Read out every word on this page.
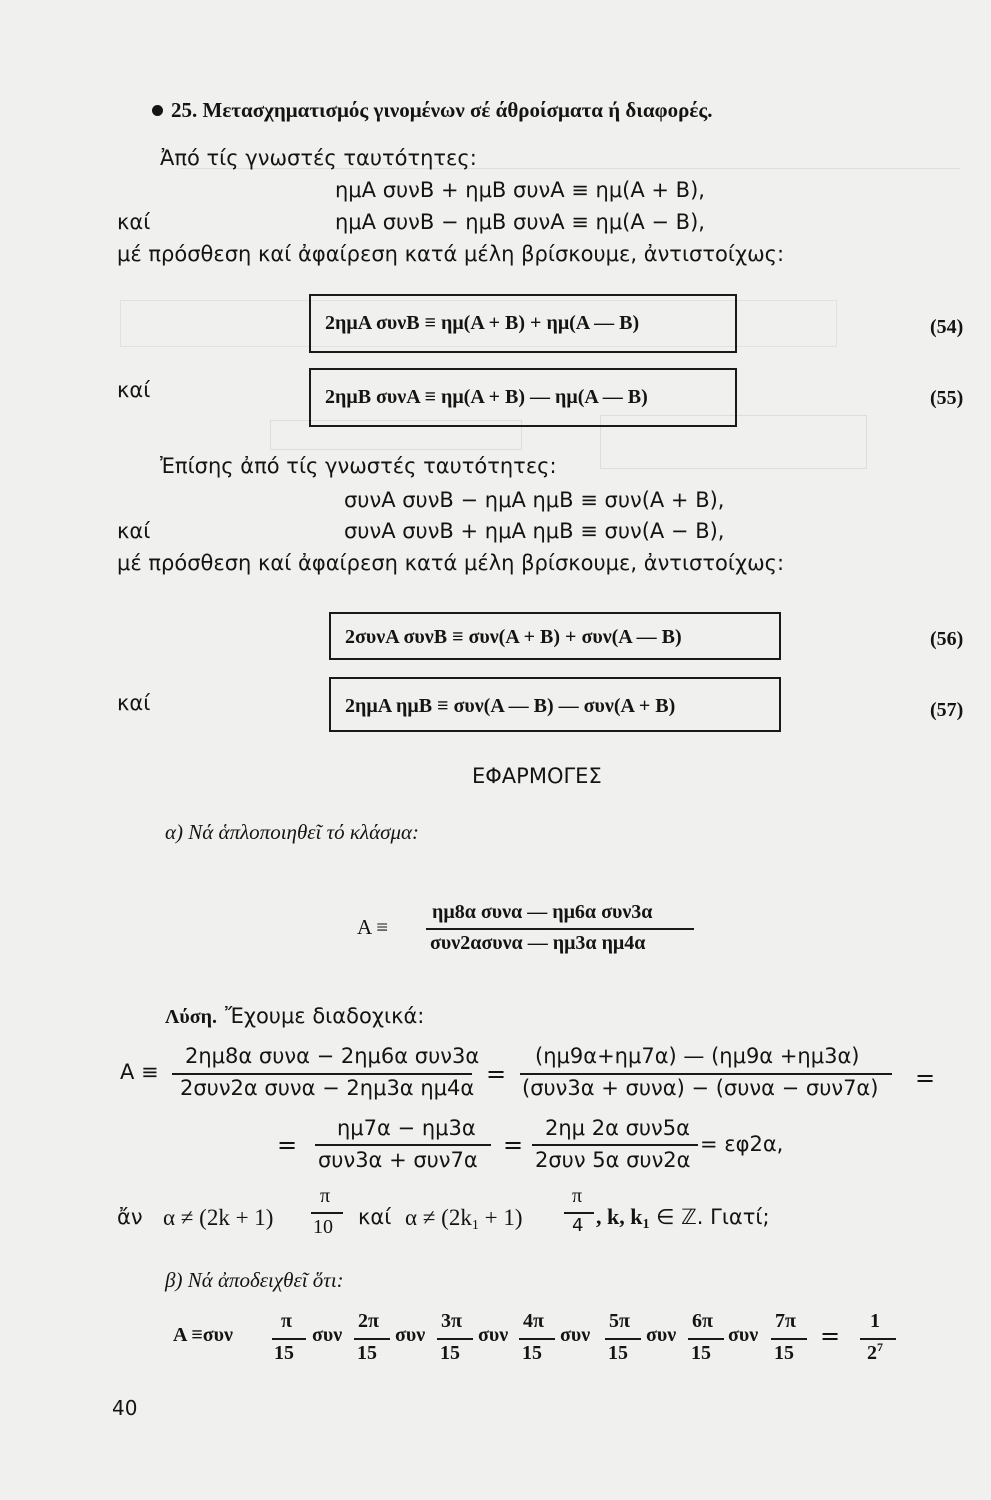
25. Μετασχηματισμός γινομένων σέ άθροίσματα ή διαφορές.
Ἀπό τίς γνωστές ταυτότητες:
ημA συνB + ημB συνA ≡ ημ(A + B),
καί	ημA συνB − ημB συνA ≡ ημ(A − B),
μέ πρόσθεση καί ἀφαίρεση κατά μέλη βρίσκουμε, ἀντιστοίχως:
2ημA συνB ≡ ημ(A + B) + ημ(A — B)	(54)
καί	2ημB συνA ≡ ημ(A + B) — ημ(A — B)	(55)
Ἐπίσης ἀπό τίς γνωστές ταυτότητες:
συνA συνB − ημA ημB ≡ συν(A + B),
καί	συνA συνB + ημA ημB ≡ συν(A − B),
μέ πρόσθεση καί ἀφαίρεση κατά μέλη βρίσκουμε, ἀντιστοίχως:
2συνA συνB ≡ συν(A + B) + συν(A — B)	(56)
καί	2ημA ημB ≡ συν(A — B) — συν(A + B)	(57)
ΕΦΑΡΜΟΓΕΣ
α) Νά ἁπλοποιηθεῖ τό κλάσμα:
A ≡
ημ8α συνα — ημ6α συν3α
συν2ασυνα — ημ3α ημ4α
Λύση. Ἔχουμε διαδοχικά:
A ≡
2ημ8α συνα − 2ημ6α συν3α
2συν2α συνα − 2ημ3α ημ4α =
(ημ9α+ημ7α) — (ημ9α +ημ3α)
(συν3α + συνα) − (συνα − συν7α) =
=
ημ7α − ημ3α
συν3α + συν7α
=
2ημ 2α συν5α
2συν 5α συν2α
= εφ2α,
ἄν α ≠ (2k + 1)
π
10 καί α ≠ (2k1 + 1)
π
4 , k, k1 ∈ ℤ. Γιατί;
β) Νά ἀποδειχθεῖ ὅτι:
A ≡συν
π
15
συν
2π
15
συν
3π
15
συν
4π
15
συν
5π
15
συν
6π
15
συν
7π
15
=
1
$2^7$
40
